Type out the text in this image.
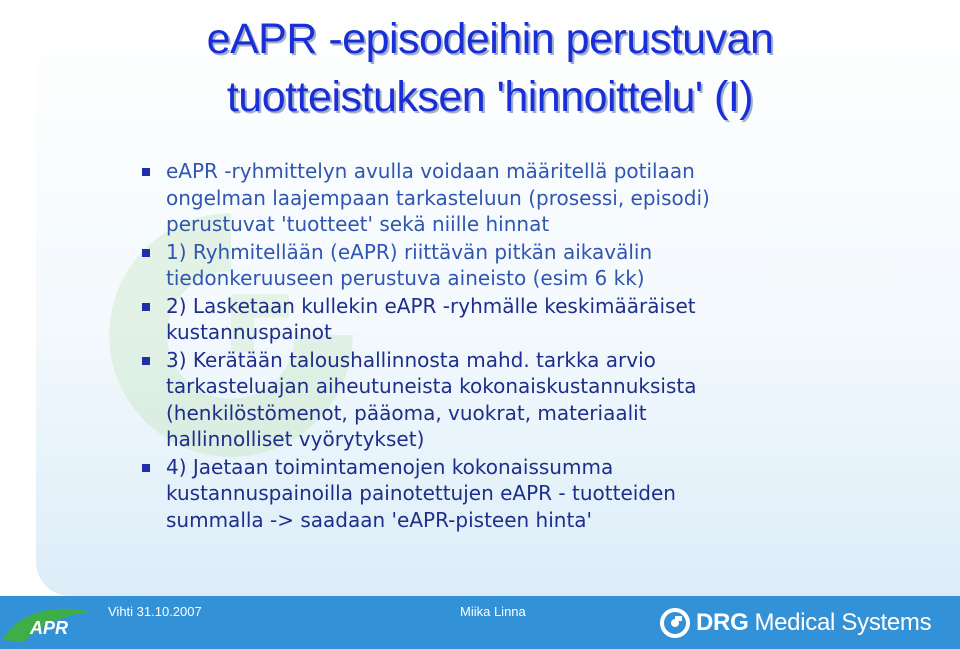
eAPR -episodeihin perustuvan
tuotteistuksen 'hinnoittelu' (I)
eAPR -ryhmittelyn avulla voidaan määritellä potilaan
ongelman laajempaan tarkasteluun (prosessi, episodi)
perustuvat 'tuotteet' sekä niille hinnat
1) Ryhmitellään (eAPR) riittävän pitkän aikavälin
tiedonkeruuseen perustuva aineisto (esim 6 kk)
2) Lasketaan kullekin eAPR -ryhmälle keskimääräiset
kustannuspainot
3) Kerätään taloushallinnosta mahd. tarkka arvio
tarkasteluajan aiheutuneista kokonaiskustannuksista
(henkilöstömenot, pääoma, vuokrat, materiaalit
hallinnolliset vyörytykset)
4) Jaetaan toimintamenojen kokonaissumma
kustannuspainoilla painotettujen eAPR - tuotteiden
summalla -> saadaan 'eAPR-pisteen hinta'
APR
Vihti 31.10.2007	Miika Linna	DRG Medical Systems
